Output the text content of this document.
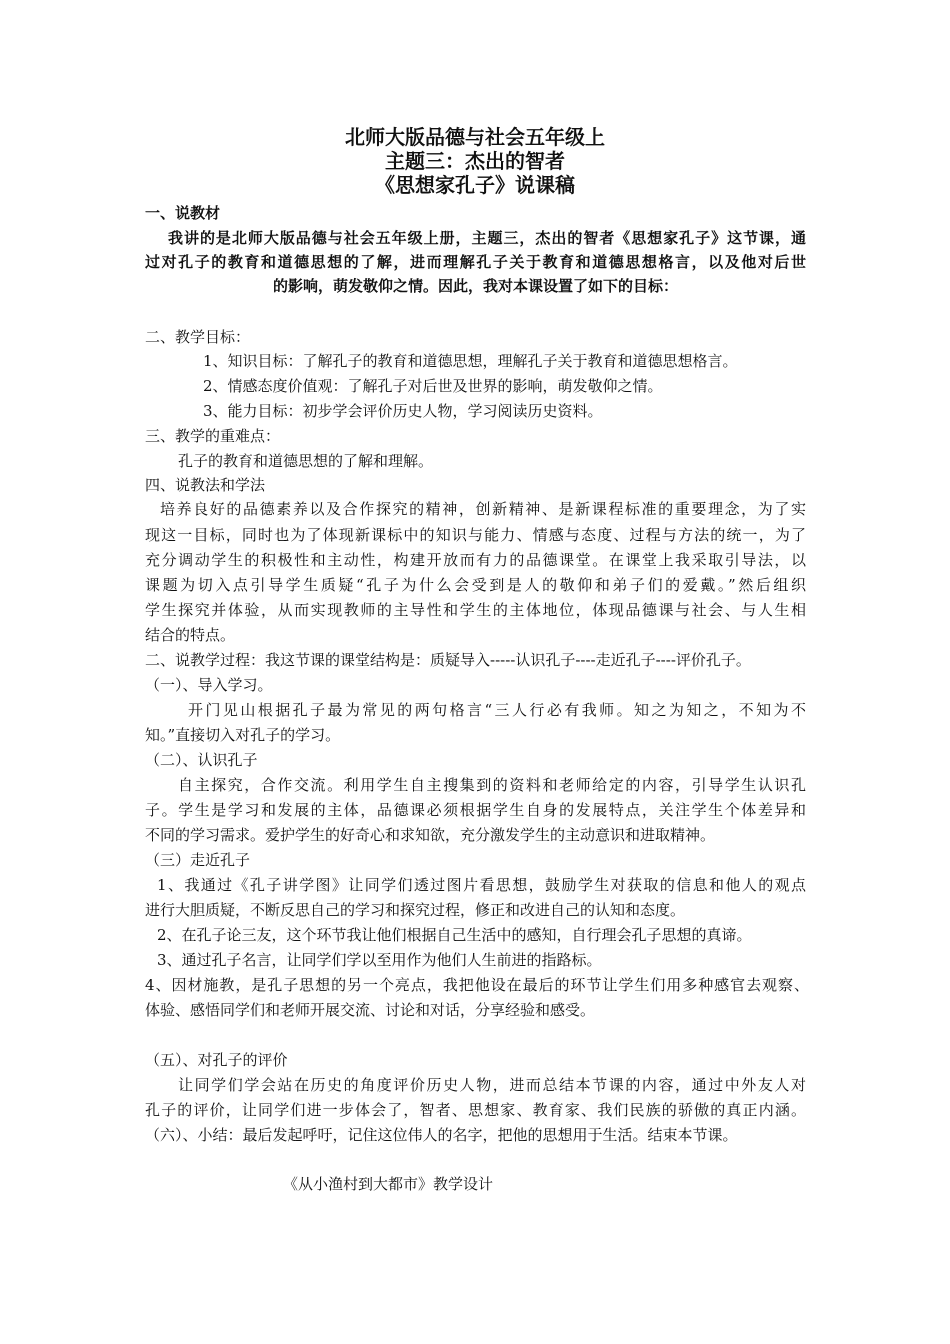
北师大版品德与社会五年级上
主题三：杰出的智者
《思想家孔子》说课稿
一、说教材
我讲的是北师大版品德与社会五年级上册，主题三，杰出的智者《思想家孔子》这节课，通
过对孔子的教育和道德思想的了解，进而理解孔子关于教育和道德思想格言，以及他对后世
的影响，萌发敬仰之情。因此，我对本课设置了如下的目标：
二、教学目标：
1、知识目标：了解孔子的教育和道德思想，理解孔子关于教育和道德思想格言。
2、情感态度价值观：了解孔子对后世及世界的影响，萌发敬仰之情。
3、能力目标：初步学会评价历史人物，学习阅读历史资料。
三、教学的重难点：
孔子的教育和道德思想的了解和理解。
四、说教法和学法
培养良好的品德素养以及合作探究的精神，创新精神、是新课程标准的重要理念，为了实
现这一目标，同时也为了体现新课标中的知识与能力、情感与态度、过程与方法的统一，为了
充分调动学生的积极性和主动性，构建开放而有力的品德课堂。在课堂上我采取引导法，以
课题为切入点引导学生质疑“孔子为什么会受到是人的敬仰和弟子们的爱戴。”然后组织
学生探究并体验，从而实现教师的主导性和学生的主体地位，体现品德课与社会、与人生相
结合的特点。
二、说教学过程：我这节课的课堂结构是：质疑导入-----认识孔子----走近孔子----评价孔子。
（一）、导入学习。
开门见山根据孔子最为常见的两句格言“三人行必有我师。知之为知之，不知为不
知。”直接切入对孔子的学习。
（二）、认识孔子
自主探究，合作交流。利用学生自主搜集到的资料和老师给定的内容，引导学生认识孔
子。学生是学习和发展的主体，品德课必须根据学生自身的发展特点，关注学生个体差异和
不同的学习需求。爱护学生的好奇心和求知欲，充分激发学生的主动意识和进取精神。
（三）走近孔子
1、我通过《孔子讲学图》让同学们透过图片看思想，鼓励学生对获取的信息和他人的观点
进行大胆质疑，不断反思自己的学习和探究过程，修正和改进自己的认知和态度。
2、在孔子论三友，这个环节我让他们根据自己生活中的感知，自行理会孔子思想的真谛。
3、通过孔子名言，让同学们学以至用作为他们人生前进的指路标。
4、因材施教，是孔子思想的另一个亮点，我把他设在最后的环节让学生们用多种感官去观察、
体验、感悟同学们和老师开展交流、讨论和对话，分享经验和感受。
（五）、对孔子的评价
让同学们学会站在历史的角度评价历史人物，进而总结本节课的内容，通过中外友人对
孔子的评价，让同学们进一步体会了，智者、思想家、教育家、我们民族的骄傲的真正内涵。
（六）、小结：最后发起呼吁，记住这位伟人的名字，把他的思想用于生活。结束本节课。
《从小渔村到大都市》教学设计
